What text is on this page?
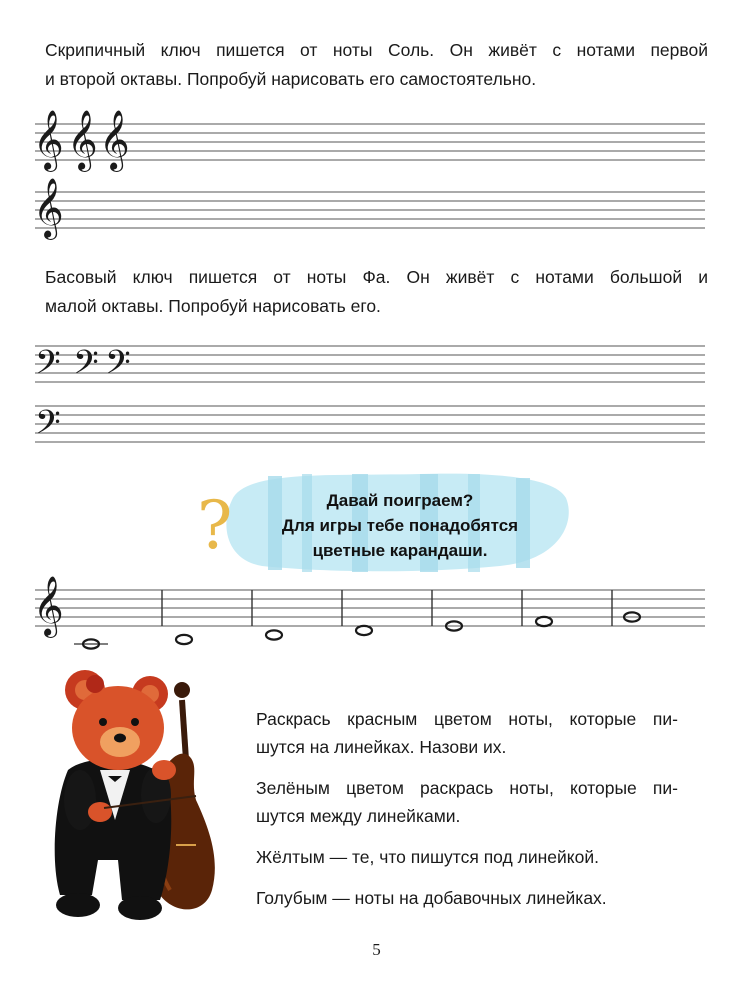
Скрипичный ключ пишется от ноты Соль. Он живёт с нотами первой
и второй октавы. Попробуй нарисовать его самостоятельно.
Басовый ключ пишется от ноты Фа. Он живёт с нотами большой и
малой октавы. Попробуй нарисовать его.
𝄞 𝄞 𝄞
𝄞
𝄢 𝄢 𝄢
𝄢
𝄞
?	Давай поиграем?
Для игры тебе понадобятся
цветные карандаши.

Раскрась красным цветом ноты, которые пи-
шутся на линейках. Назови их.

Зелёным цветом раскрась ноты, которые пи-
шутся между линейками.

Жёлтым — те, что пишутся под линейкой.

Голубым — ноты на добавочных линейках.

5
